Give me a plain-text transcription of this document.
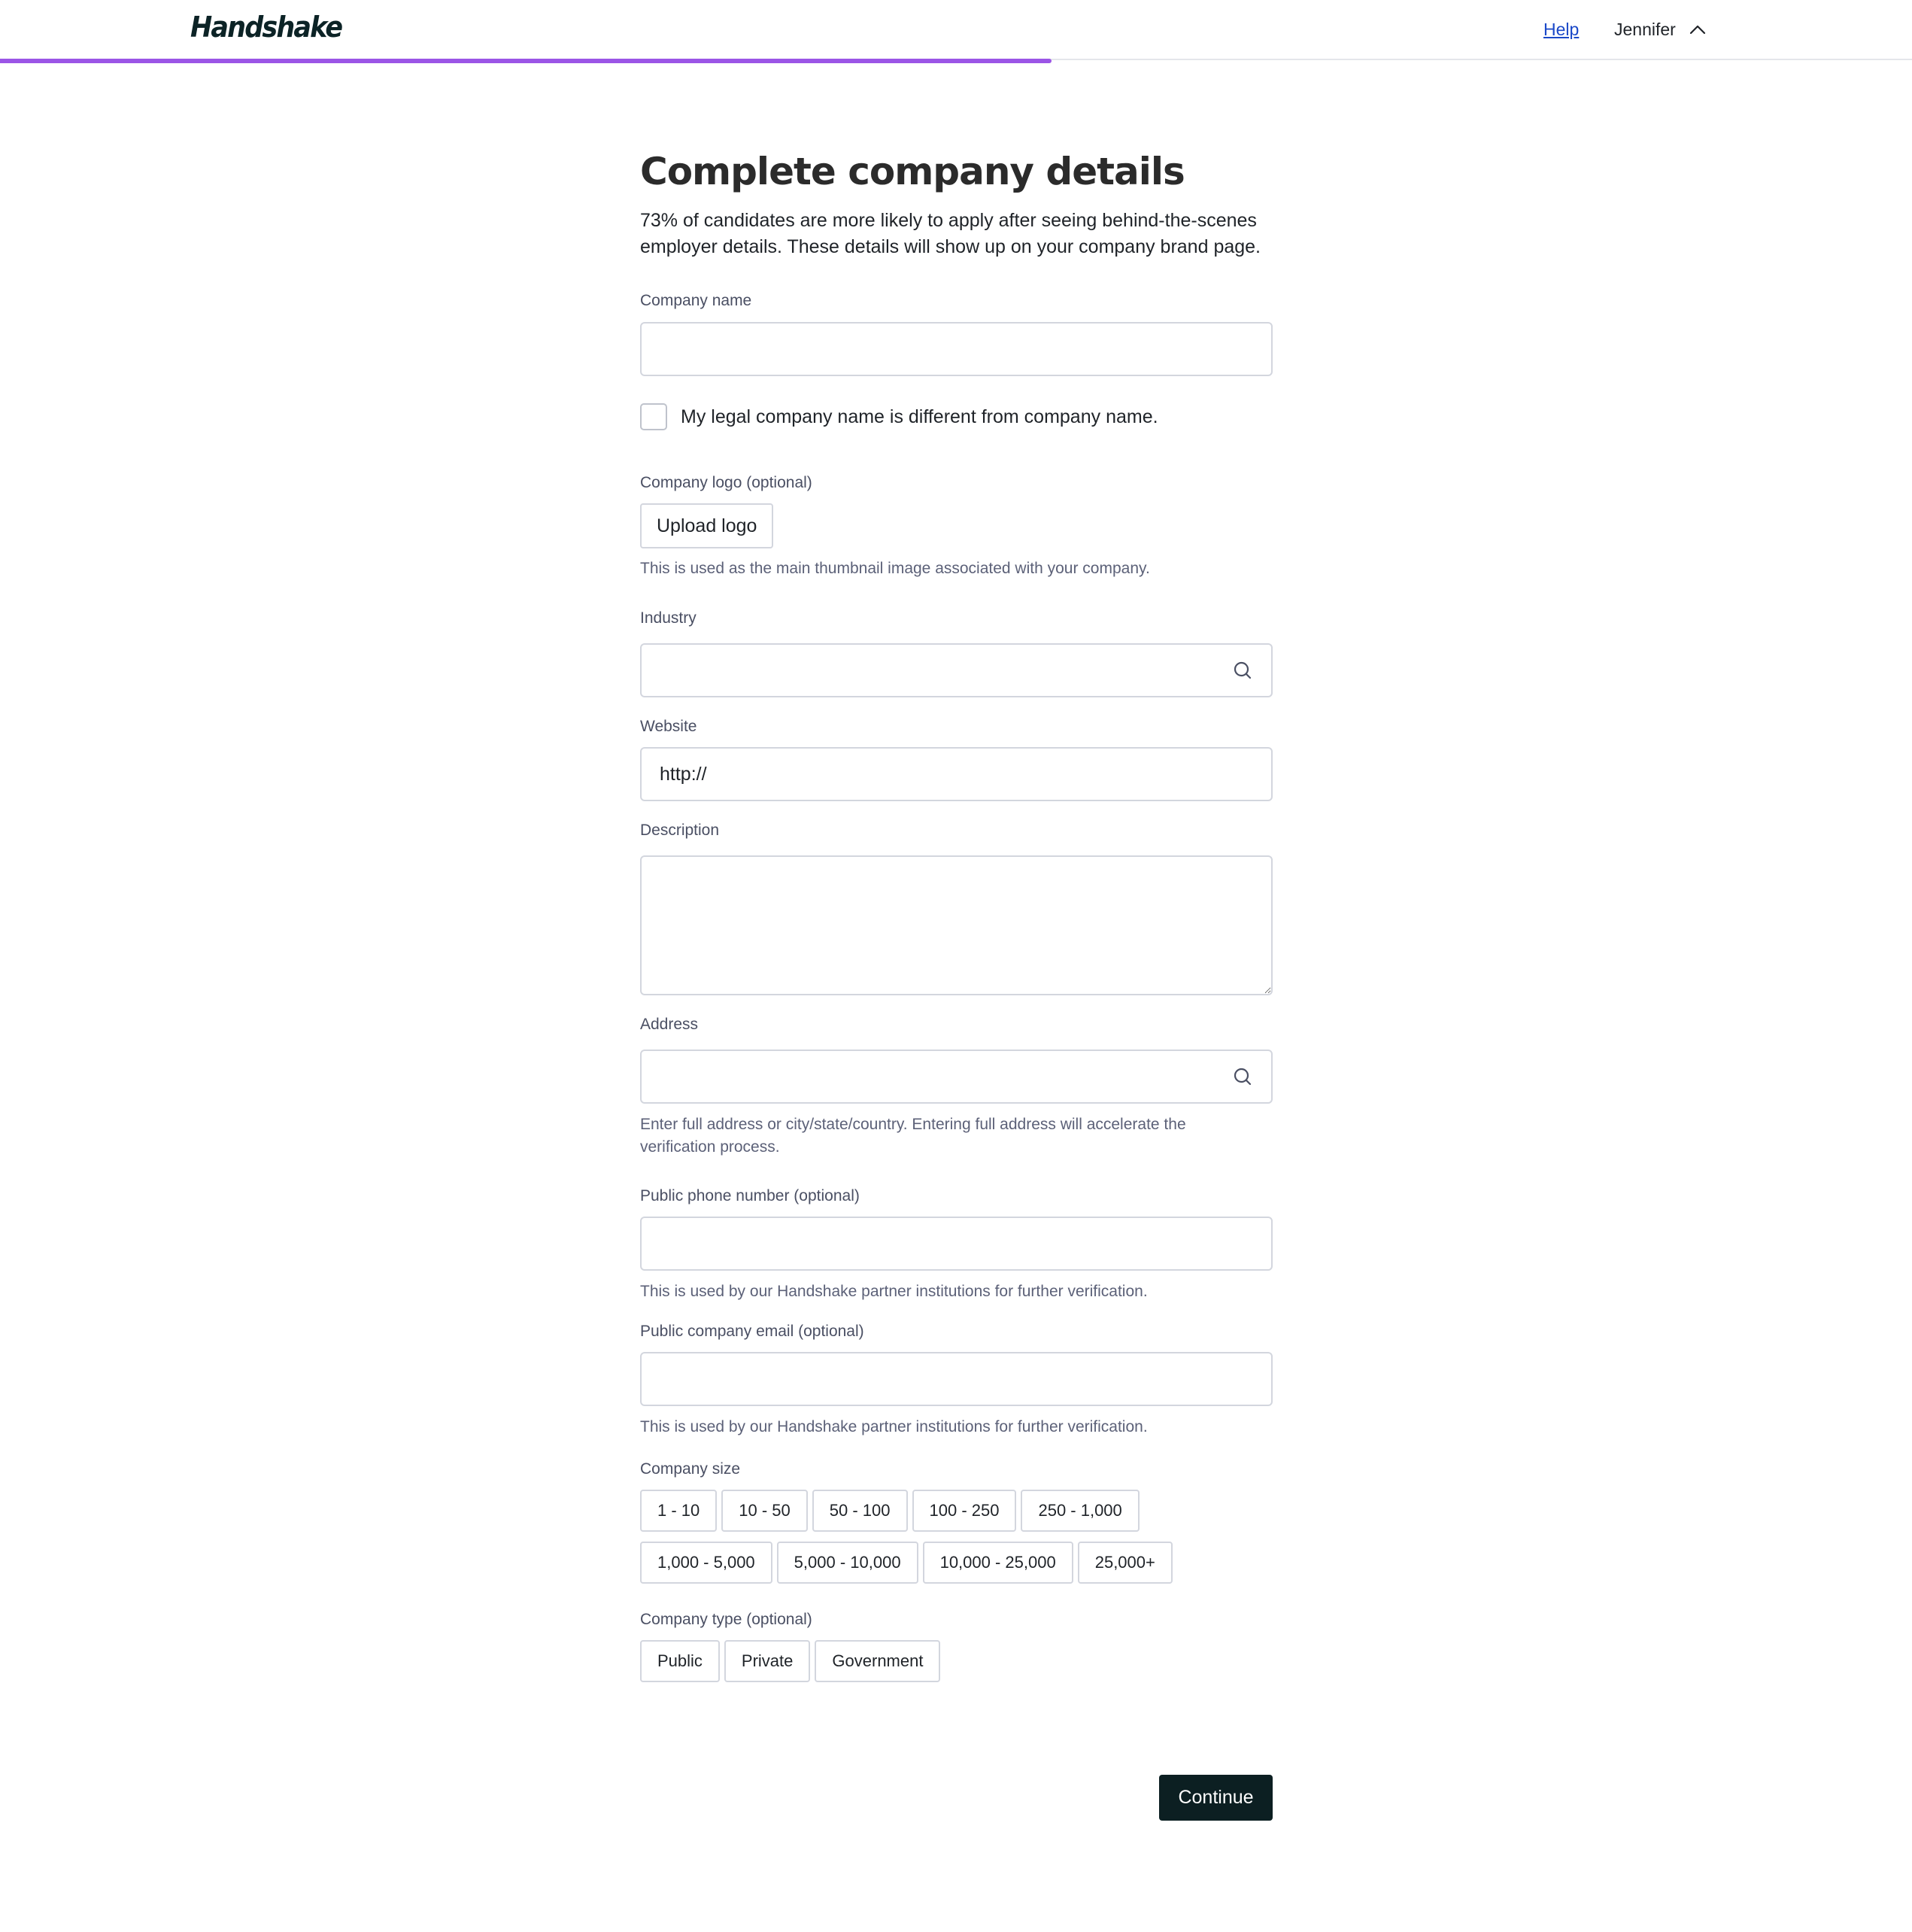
Handshake	Help Jennifer
Complete company details

73% of candidates are more likely to apply after seeing behind-the-scenes
employer details. These details will show up on your company brand page.

Company name
My legal company name is different from company name.
Company logo (optional)
Upload logo
This is used as the main thumbnail image associated with your company.
Industry
Website
http://
Description
Address
Enter full address or city/state/country. Entering full address will accelerate the
verification process.
Public phone number (optional)
This is used by our Handshake partner institutions for further verification.
Public company email (optional)
This is used by our Handshake partner institutions for further verification.
Company size
1 - 10	10 - 50	50 - 100	100 - 250	250 - 1,000
1,000 - 5,000	5,000 - 10,000	10,000 - 25,000	25,000+
Company type (optional)
Public	Private	Government
Continue
